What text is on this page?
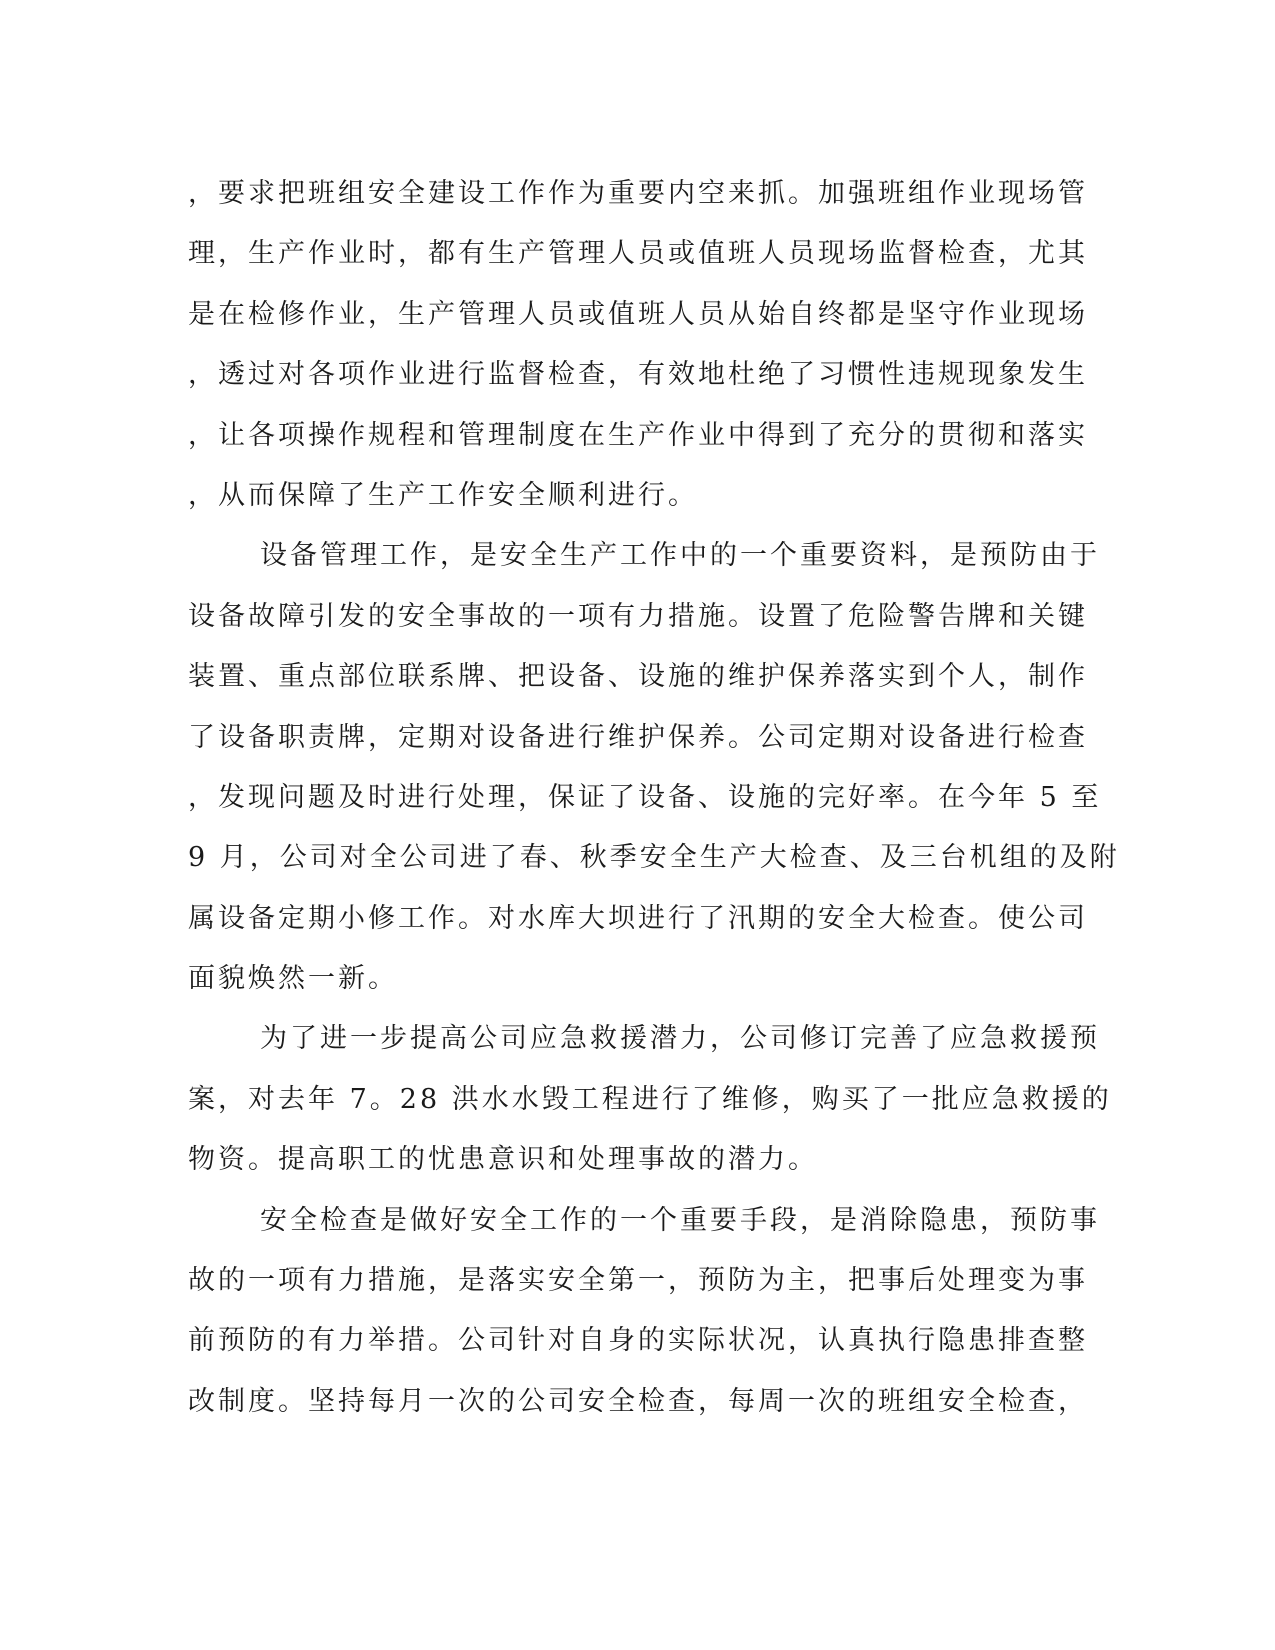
，要求把班组安全建设工作作为重要内空来抓。加强班组作业现场管
理，生产作业时，都有生产管理人员或值班人员现场监督检查，尤其
是在检修作业，生产管理人员或值班人员从始自终都是坚守作业现场
，透过对各项作业进行监督检查，有效地杜绝了习惯性违规现象发生
，让各项操作规程和管理制度在生产作业中得到了充分的贯彻和落实
，从而保障了生产工作安全顺利进行。
设备管理工作，是安全生产工作中的一个重要资料，是预防由于
设备故障引发的安全事故的一项有力措施。设置了危险警告牌和关键
装置、重点部位联系牌、把设备、设施的维护保养落实到个人，制作
了设备职责牌，定期对设备进行维护保养。公司定期对设备进行检查
，发现问题及时进行处理，保证了设备、设施的完好率。在今年 5 至
9 月，公司对全公司进了春、秋季安全生产大检查、及三台机组的及附
属设备定期小修工作。对水库大坝进行了汛期的安全大检查。使公司
面貌焕然一新。
为了进一步提高公司应急救援潜力，公司修订完善了应急救援预
案，对去年 7。28 洪水水毁工程进行了维修，购买了一批应急救援的
物资。提高职工的忧患意识和处理事故的潜力。
安全检查是做好安全工作的一个重要手段，是消除隐患，预防事
故的一项有力措施，是落实安全第一，预防为主，把事后处理变为事
前预防的有力举措。公司针对自身的实际状况，认真执行隐患排查整
改制度。坚持每月一次的公司安全检查，每周一次的班组安全检查，
